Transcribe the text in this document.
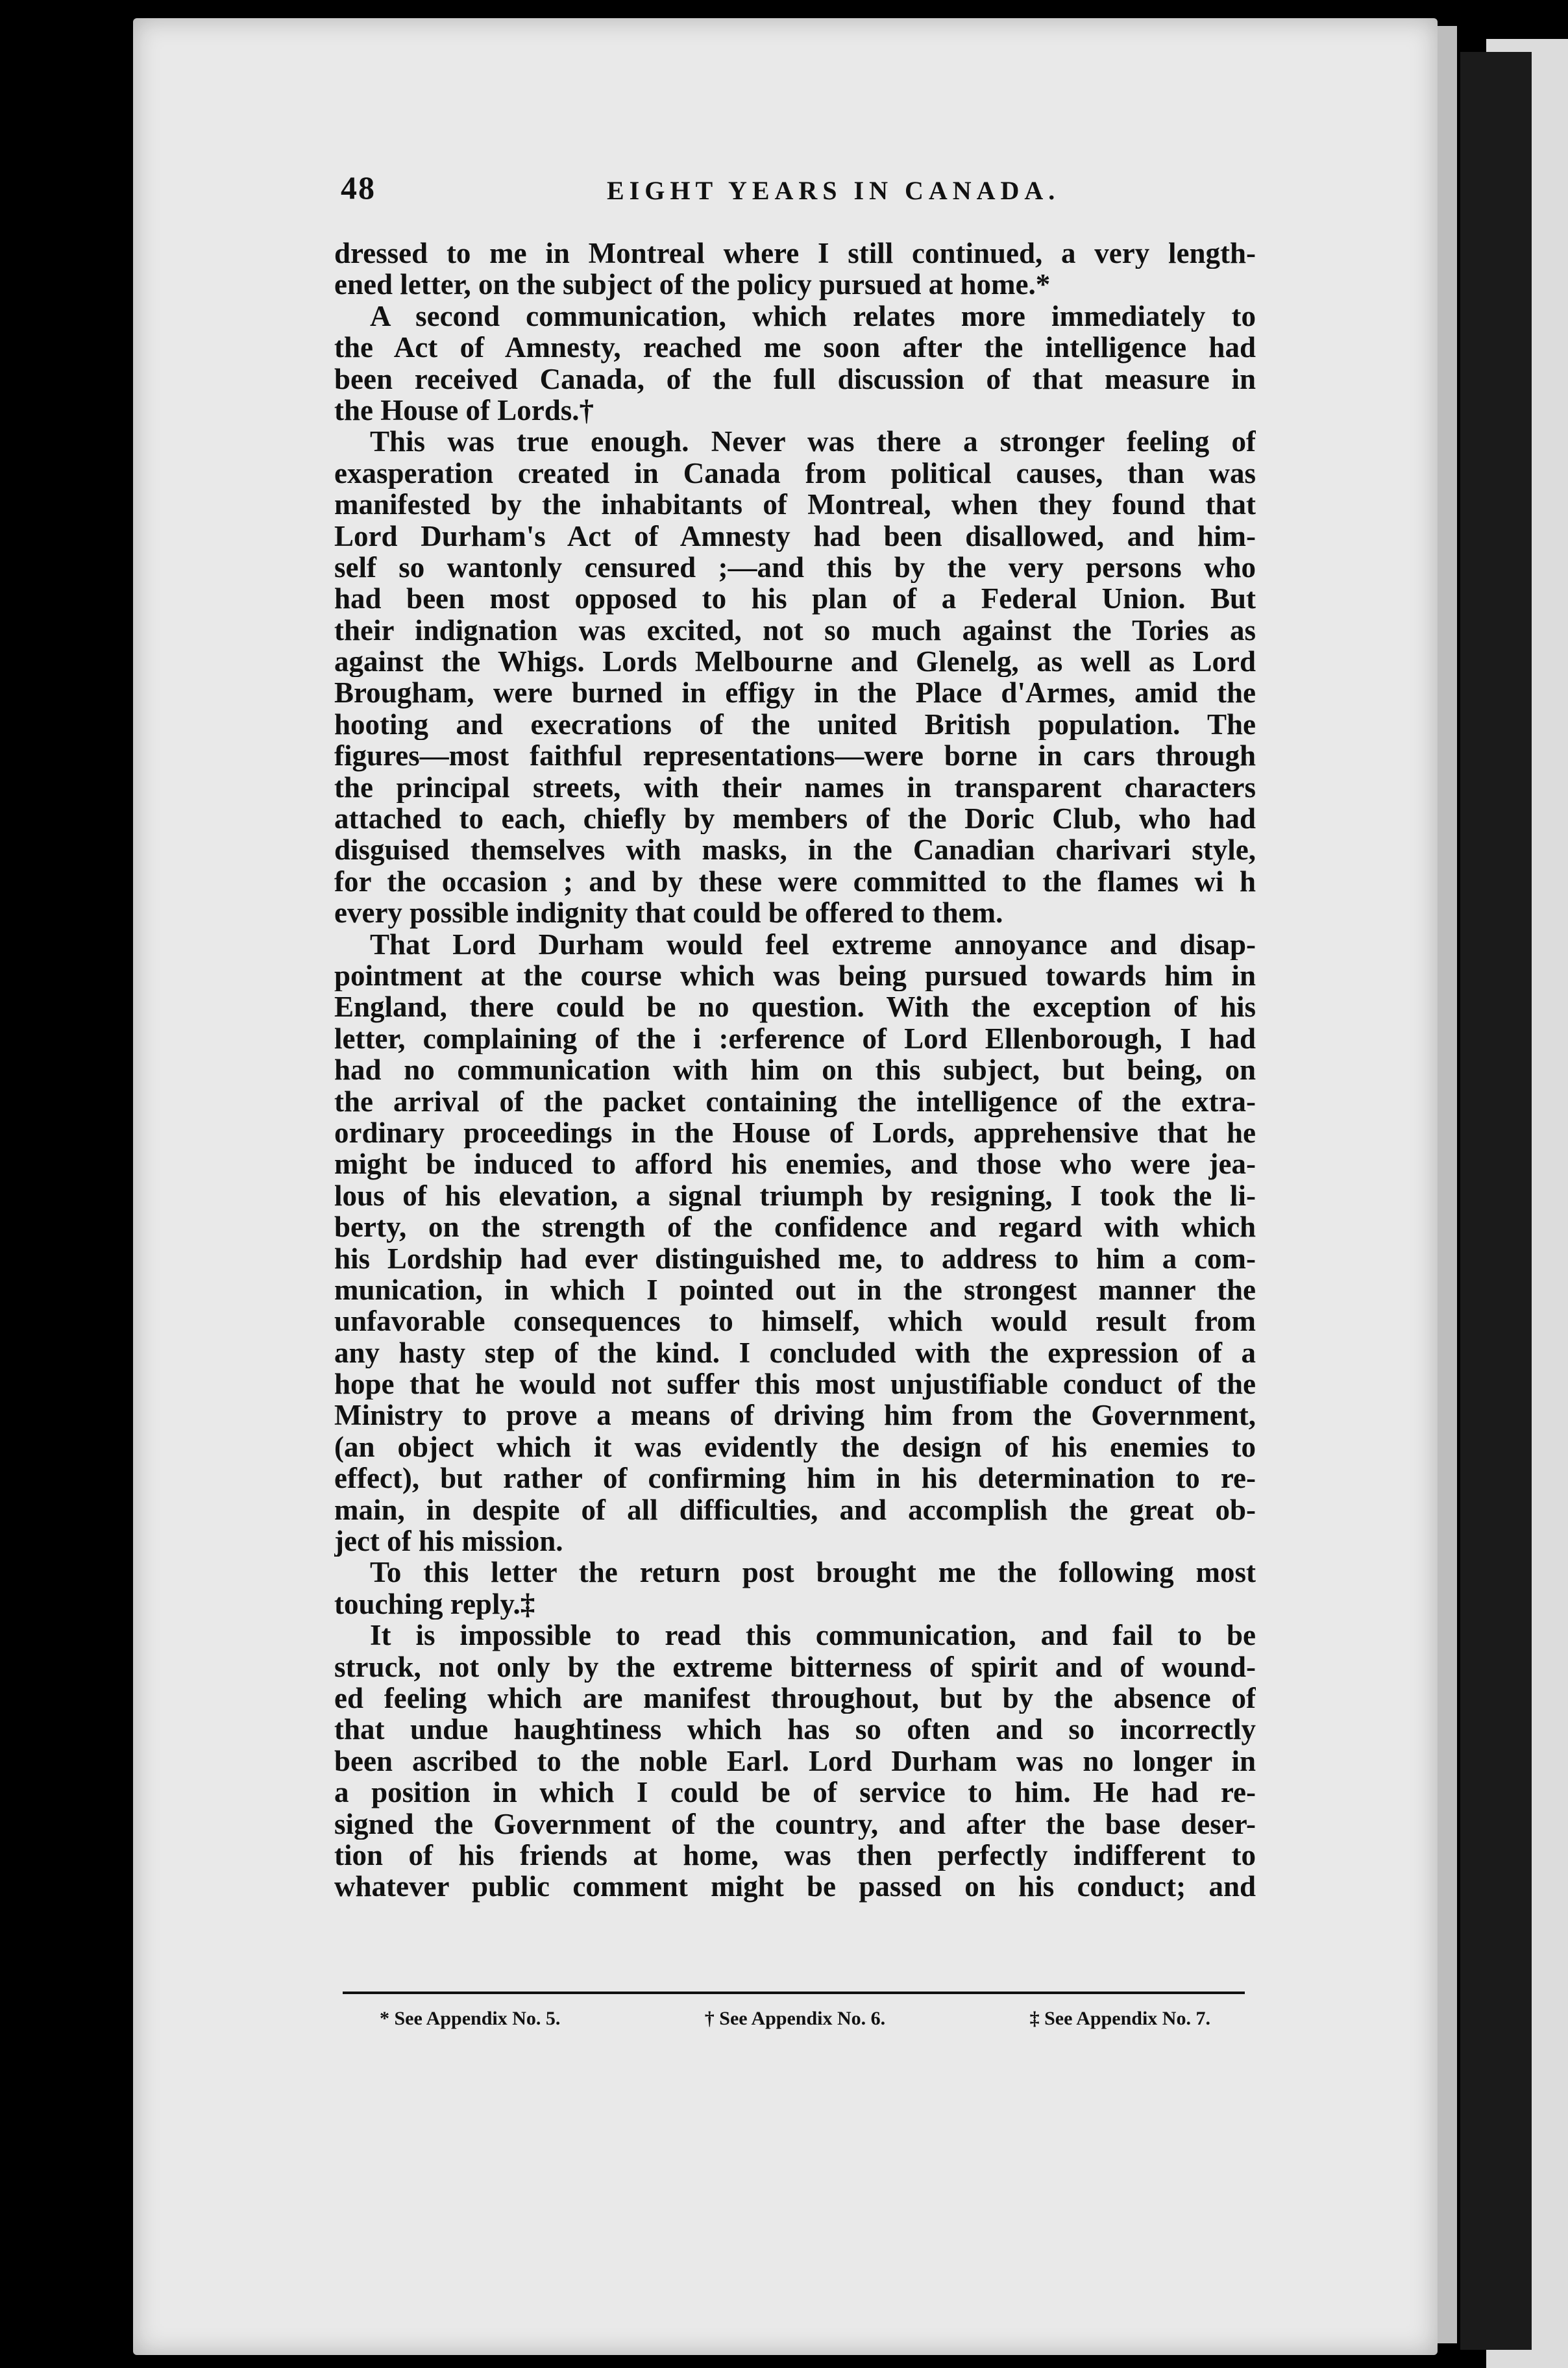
48	EIGHT YEARS IN CANADA.
dressed to me in Montreal where I still continued, a very length-
ened letter, on the subject of the policy pursued at home.*
A second communication, which relates more immediately to
the Act of Amnesty, reached me soon after the intelligence had
been received Canada, of the full discussion of that measure in
the House of Lords.†
This was true enough. Never was there a stronger feeling of
exasperation created in Canada from political causes, than was
manifested by the inhabitants of Montreal, when they found that
Lord Durham's Act of Amnesty had been disallowed, and him-
self so wantonly censured ;—and this by the very persons who
had been most opposed to his plan of a Federal Union. But
their indignation was excited, not so much against the Tories as
against the Whigs. Lords Melbourne and Glenelg, as well as Lord
Brougham, were burned in effigy in the Place d'Armes, amid the
hooting and execrations of the united British population. The
figures—most faithful representations—were borne in cars through
the principal streets, with their names in transparent characters
attached to each, chiefly by members of the Doric Club, who had
disguised themselves with masks, in the Canadian charivari style,
for the occasion ; and by these were committed to the flames wi h
every possible indignity that could be offered to them.
That Lord Durham would feel extreme annoyance and disap-
pointment at the course which was being pursued towards him in
England, there could be no question. With the exception of his
letter, complaining of the i :erference of Lord Ellenborough, I had
had no communication with him on this subject, but being, on
the arrival of the packet containing the intelligence of the extra-
ordinary proceedings in the House of Lords, apprehensive that he
might be induced to afford his enemies, and those who were jea-
lous of his elevation, a signal triumph by resigning, I took the li-
berty, on the strength of the confidence and regard with which
his Lordship had ever distinguished me, to address to him a com-
munication, in which I pointed out in the strongest manner the
unfavorable consequences to himself, which would result from
any hasty step of the kind. I concluded with the expression of a
hope that he would not suffer this most unjustifiable conduct of the
Ministry to prove a means of driving him from the Government,
(an object which it was evidently the design of his enemies to
effect), but rather of confirming him in his determination to re-
main, in despite of all difficulties, and accomplish the great ob-
ject of his mission.
To this letter the return post brought me the following most
touching reply.‡
It is impossible to read this communication, and fail to be
struck, not only by the extreme bitterness of spirit and of wound-
ed feeling which are manifest throughout, but by the absence of
that undue haughtiness which has so often and so incorrectly
been ascribed to the noble Earl. Lord Durham was no longer in
a position in which I could be of service to him. He had re-
signed the Government of the country, and after the base deser-
tion of his friends at home, was then perfectly indifferent to
whatever public comment might be passed on his conduct; and
* See Appendix No. 5.	† See Appendix No. 6.	‡ See Appendix No. 7.
